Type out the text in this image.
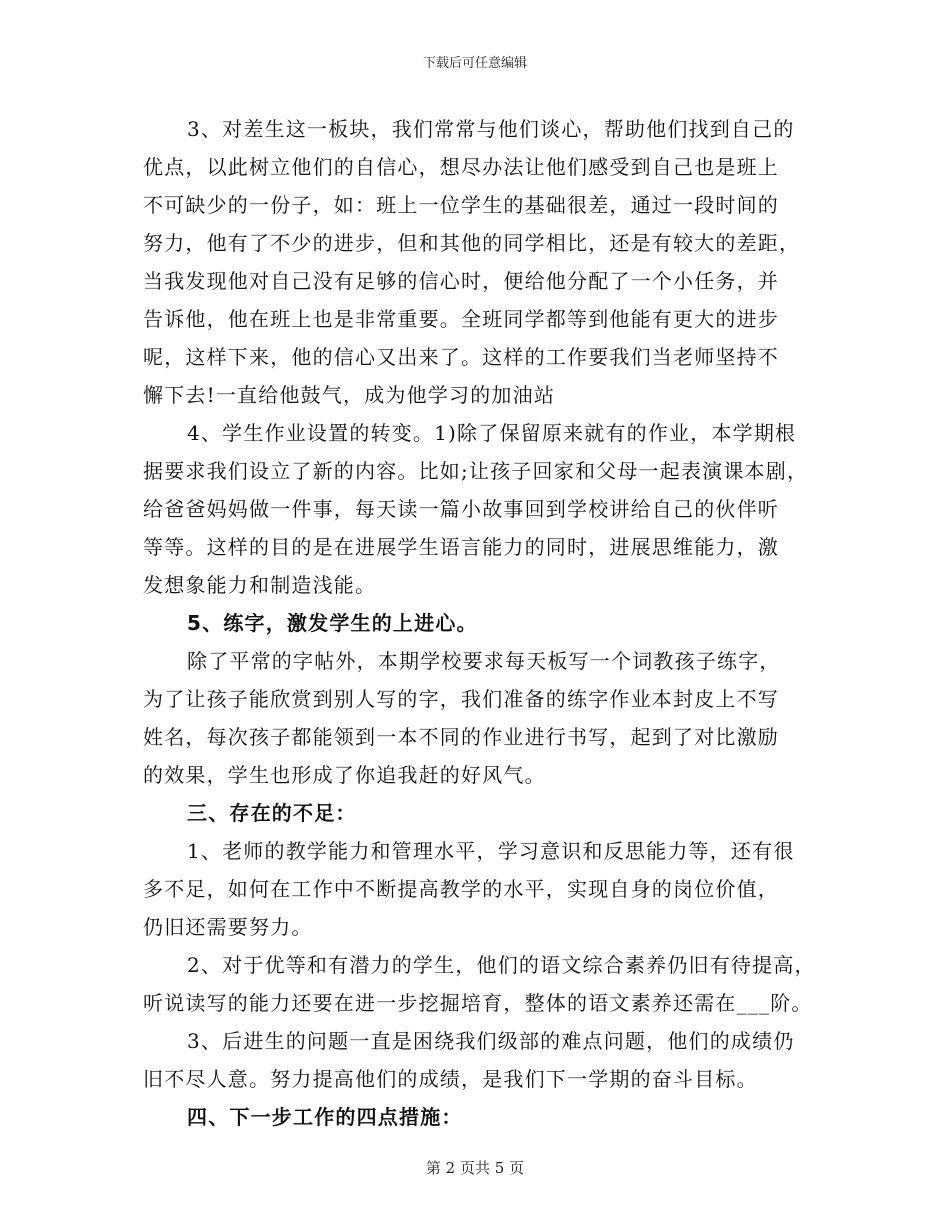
下载后可任意编辑
3、对差生这一板块，我们常常与他们谈心，帮助他们找到自己的
优点，以此树立他们的自信心，想尽办法让他们感受到自己也是班上
不可缺少的一份子，如：班上一位学生的基础很差，通过一段时间的
努力，他有了不少的进步，但和其他的同学相比，还是有较大的差距，
当我发现他对自己没有足够的信心时，便给他分配了一个小任务，并
告诉他，他在班上也是非常重要。全班同学都等到他能有更大的进步
呢，这样下来，他的信心又出来了。这样的工作要我们当老师坚持不
懈下去!一直给他鼓气，成为他学习的加油站
4、学生作业设置的转变。1)除了保留原来就有的作业，本学期根
据要求我们设立了新的内容。比如;让孩子回家和父母一起表演课本剧，
给爸爸妈妈做一件事，每天读一篇小故事回到学校讲给自己的伙伴听
等等。这样的目的是在进展学生语言能力的同时，进展思维能力，激
发想象能力和制造浅能。
5、练字，激发学生的上进心。
除了平常的字帖外，本期学校要求每天板写一个词教孩子练字，
为了让孩子能欣赏到别人写的字，我们准备的练字作业本封皮上不写
姓名，每次孩子都能领到一本不同的作业进行书写，起到了对比激励
的效果，学生也形成了你追我赶的好风气。
三、存在的不足：
1、老师的教学能力和管理水平，学习意识和反思能力等，还有很
多不足，如何在工作中不断提高教学的水平，实现自身的岗位价值，
仍旧还需要努力。
2、对于优等和有潜力的学生，他们的语文综合素养仍旧有待提高，
听说读写的能力还要在进一步挖掘培育，整体的语文素养还需在___阶。
3、后进生的问题一直是困绕我们级部的难点问题，他们的成绩仍
旧不尽人意。努力提高他们的成绩，是我们下一学期的奋斗目标。
四、下一步工作的四点措施：
第 2 页共 5 页
